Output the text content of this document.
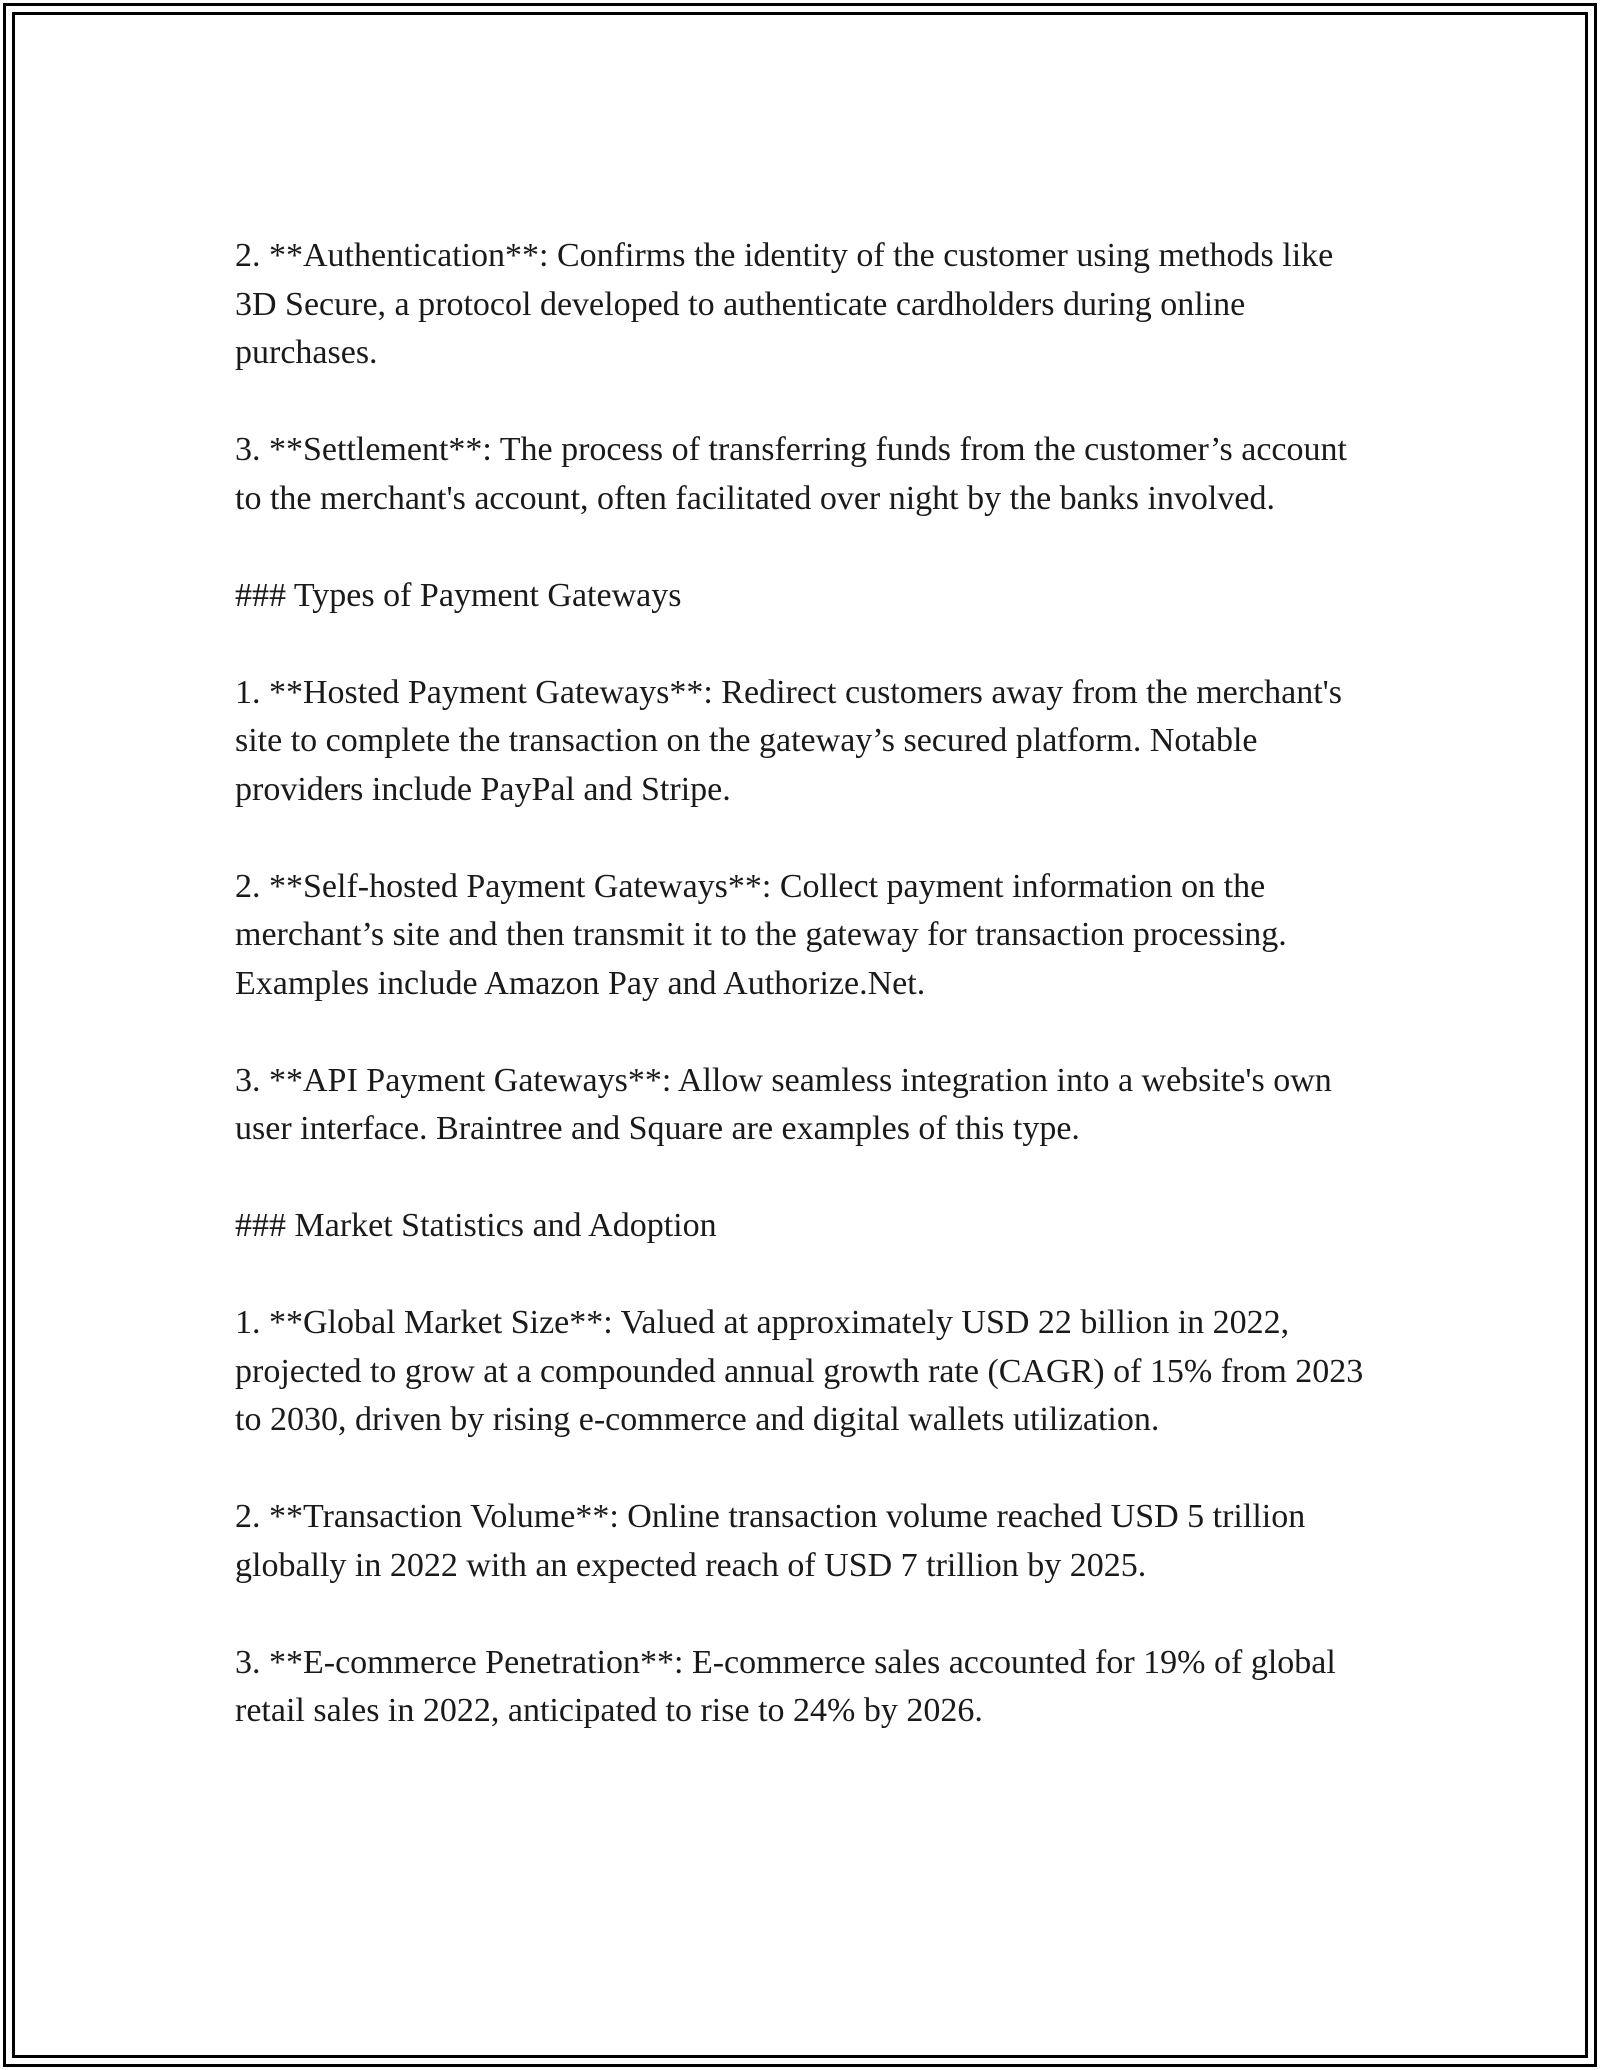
2. **Authentication**: Confirms the identity of the customer using methods like 3D Secure, a protocol developed to authenticate cardholders during online purchases.

3. **Settlement**: The process of transferring funds from the customer’s account to the merchant's account, often facilitated over night by the banks involved.

### Types of Payment Gateways

1. **Hosted Payment Gateways**: Redirect customers away from the merchant's site to complete the transaction on the gateway’s secured platform. Notable providers include PayPal and Stripe.

2. **Self-hosted Payment Gateways**: Collect payment information on the merchant’s site and then transmit it to the gateway for transaction processing. Examples include Amazon Pay and Authorize.Net.

3. **API Payment Gateways**: Allow seamless integration into a website's own user interface. Braintree and Square are examples of this type.

### Market Statistics and Adoption

1. **Global Market Size**: Valued at approximately USD 22 billion in 2022, projected to grow at a compounded annual growth rate (CAGR) of 15% from 2023 to 2030, driven by rising e-commerce and digital wallets utilization.

2. **Transaction Volume**: Online transaction volume reached USD 5 trillion globally in 2022 with an expected reach of USD 7 trillion by 2025.

3. **E-commerce Penetration**: E-commerce sales accounted for 19% of global retail sales in 2022, anticipated to rise to 24% by 2026.
